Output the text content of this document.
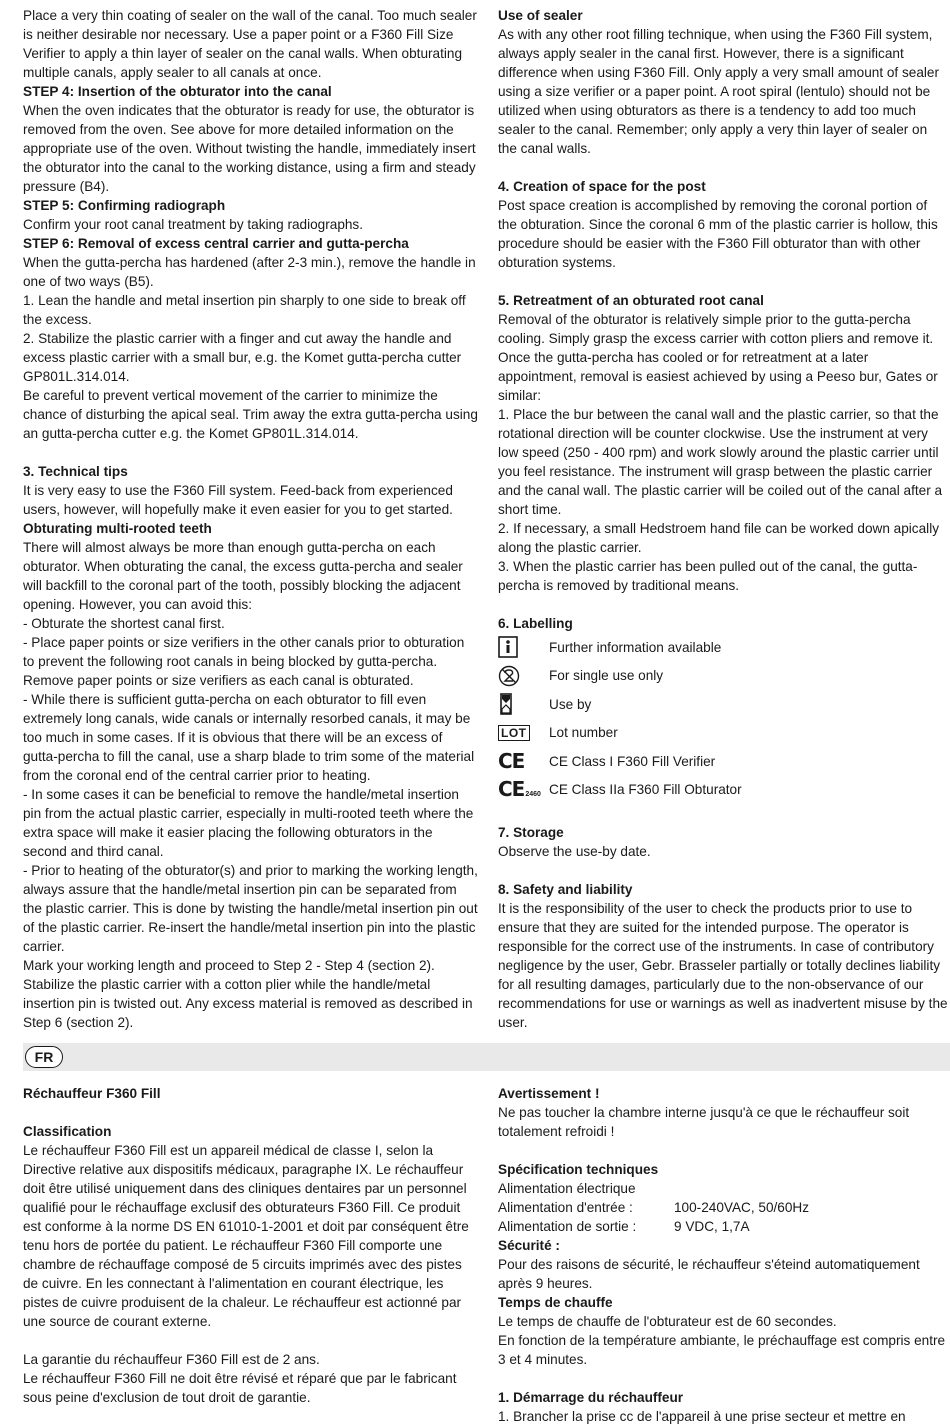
Place a very thin coating of sealer on the wall of the canal. Too much sealer is neither desirable nor necessary. Use a paper point or a F360 Fill Size Verifier to apply a thin layer of sealer on the canal walls. When obturating multiple canals, apply sealer to all canals at once.

STEP 4: Insertion of the obturator into the canal

When the oven indicates that the obturator is ready for use, the obturator is removed from the oven. See above for more detailed information on the appropriate use of the oven. Without twisting the handle, immediately insert the obturator into the canal to the working distance, using a firm and steady pressure (B4).

STEP 5: Confirming radiograph

Confirm your root canal treatment by taking radiographs.

STEP 6: Removal of excess central carrier and gutta-percha

When the gutta-percha has hardened (after 2-3 min.), remove the handle in one of two ways (B5).

1. Lean the handle and metal insertion pin sharply to one side to break off the excess.

2. Stabilize the plastic carrier with a finger and cut away the handle and excess plastic carrier with a small bur, e.g. the Komet gutta-percha cutter GP801L.314.014.

Be careful to prevent vertical movement of the carrier to minimize the chance of disturbing the apical seal. Trim away the extra gutta-percha using an gutta-percha cutter e.g. the Komet GP801L.314.014.

3. Technical tips

It is very easy to use the F360 Fill system. Feed-back from experienced users, however, will hopefully make it even easier for you to get started.

Obturating multi-rooted teeth

There will almost always be more than enough gutta-percha on each obturator. When obturating the canal, the excess gutta-percha and sealer will backfill to the coronal part of the tooth, possibly blocking the adjacent opening. However, you can avoid this:

- Obturate the shortest canal first.

- Place paper points or size verifiers in the other canals prior to obturation to prevent the following root canals in being blocked by gutta-percha. Remove paper points or size verifiers as each canal is obturated.

- While there is sufficient gutta-percha on each obturator to fill even extremely long canals, wide canals or internally resorbed canals, it may be too much in some cases. If it is obvious that there will be an excess of gutta-percha to fill the canal, use a sharp blade to trim some of the material from the coronal end of the central carrier prior to heating.

- In some cases it can be beneficial to remove the handle/metal insertion pin from the actual plastic carrier, especially in multi-rooted teeth where the extra space will make it easier placing the following obturators in the second and third canal.

- Prior to heating of the obturator(s) and prior to marking the working length, always assure that the handle/metal insertion pin can be separated from the plastic carrier. This is done by twisting the handle/metal insertion pin out of the plastic carrier. Re-insert the handle/metal insertion pin into the plastic carrier.

Mark your working length and proceed to Step 2 - Step 4 (section 2). Stabilize the plastic carrier with a cotton plier while the handle/metal insertion pin is twisted out. Any excess material is removed as described in Step 6 (section 2).

Use of sealer

As with any other root filling technique, when using the F360 Fill system, always apply sealer in the canal first. However, there is a significant difference when using F360 Fill. Only apply a very small amount of sealer using a size verifier or a paper point. A root spiral (lentulo) should not be utilized when using obturators as there is a tendency to add too much sealer to the canal. Remember; only apply a very thin layer of sealer on the canal walls.

4. Creation of space for the post

Post space creation is accomplished by removing the coronal portion of the obturation. Since the coronal 6 mm of the plastic carrier is hollow, this procedure should be easier with the F360 Fill obturator than with other obturation systems.

5. Retreatment of an obturated root canal

Removal of the obturator is relatively simple prior to the gutta-percha cooling. Simply grasp the excess carrier with cotton pliers and remove it. Once the gutta-percha has cooled or for retreatment at a later appointment, removal is easiest achieved by using a Peeso bur, Gates or similar:

1. Place the bur between the canal wall and the plastic carrier, so that the rotational direction will be counter clockwise. Use the instrument at very low speed (250 - 400 rpm) and work slowly around the plastic carrier until you feel resistance. The instrument will grasp between the plastic carrier and the canal wall. The plastic carrier will be coiled out of the canal after a short time.

2. If necessary, a small Hedstroem hand file can be worked down apically along the plastic carrier.

3. When the plastic carrier has been pulled out of the canal, the gutta-percha is removed by traditional means.

6. Labelling

Further information available
For single use only
Use by
LOT Lot number
CE CE Class I F360 Fill Verifier
CE 2460 CE Class IIa F360 Fill Obturator

7. Storage

Observe the use-by date.

8. Safety and liability

It is the responsibility of the user to check the products prior to use to ensure that they are suited for the intended purpose. The operator is responsible for the correct use of the instruments. In case of contributory negligence by the user, Gebr. Brasseler partially or totally declines liability for all resulting damages, particularly due to the non-observance of our recommendations for use or warnings as well as inadvertent misuse by the user.

FR

Réchauffeur F360 Fill

Classification

Le réchauffeur F360 Fill est un appareil médical de classe I, selon la Directive relative aux dispositifs médicaux, paragraphe IX. Le réchauffeur doit être utilisé uniquement dans des cliniques dentaires par un personnel qualifié pour le réchauffage exclusif des obturateurs F360 Fill. Ce produit est conforme à la norme DS EN 61010-1-2001 et doit par conséquent être tenu hors de portée du patient. Le réchauffeur F360 Fill comporte une chambre de réchauffage composé de 5 circuits imprimés avec des pistes de cuivre. En les connectant à l'alimentation en courant électrique, les pistes de cuivre produisent de la chaleur. Le réchauffeur est actionné par une source de courant externe.

La garantie du réchauffeur F360 Fill est de 2 ans.

Le réchauffeur F360 Fill ne doit être révisé et réparé que par le fabricant sous peine d'exclusion de tout droit de garantie.

Avertissement !

Ne pas toucher la chambre interne jusqu'à ce que le réchauffeur soit totalement refroidi !

Spécification techniques

Alimentation électrique

Alimentation d'entrée :	100-240VAC, 50/60Hz
Alimentation de sortie :	9 VDC, 1,7A

Sécurité :

Pour des raisons de sécurité, le réchauffeur s'éteind automatiquement après 9 heures.

Temps de chauffe

Le temps de chauffe de l'obturateur est de 60 secondes.

En fonction de la température ambiante, le préchauffage est compris entre 3 et 4 minutes.

1. Démarrage du réchauffeur

1. Brancher la prise cc de l'appareil à une prise secteur et mettre en
